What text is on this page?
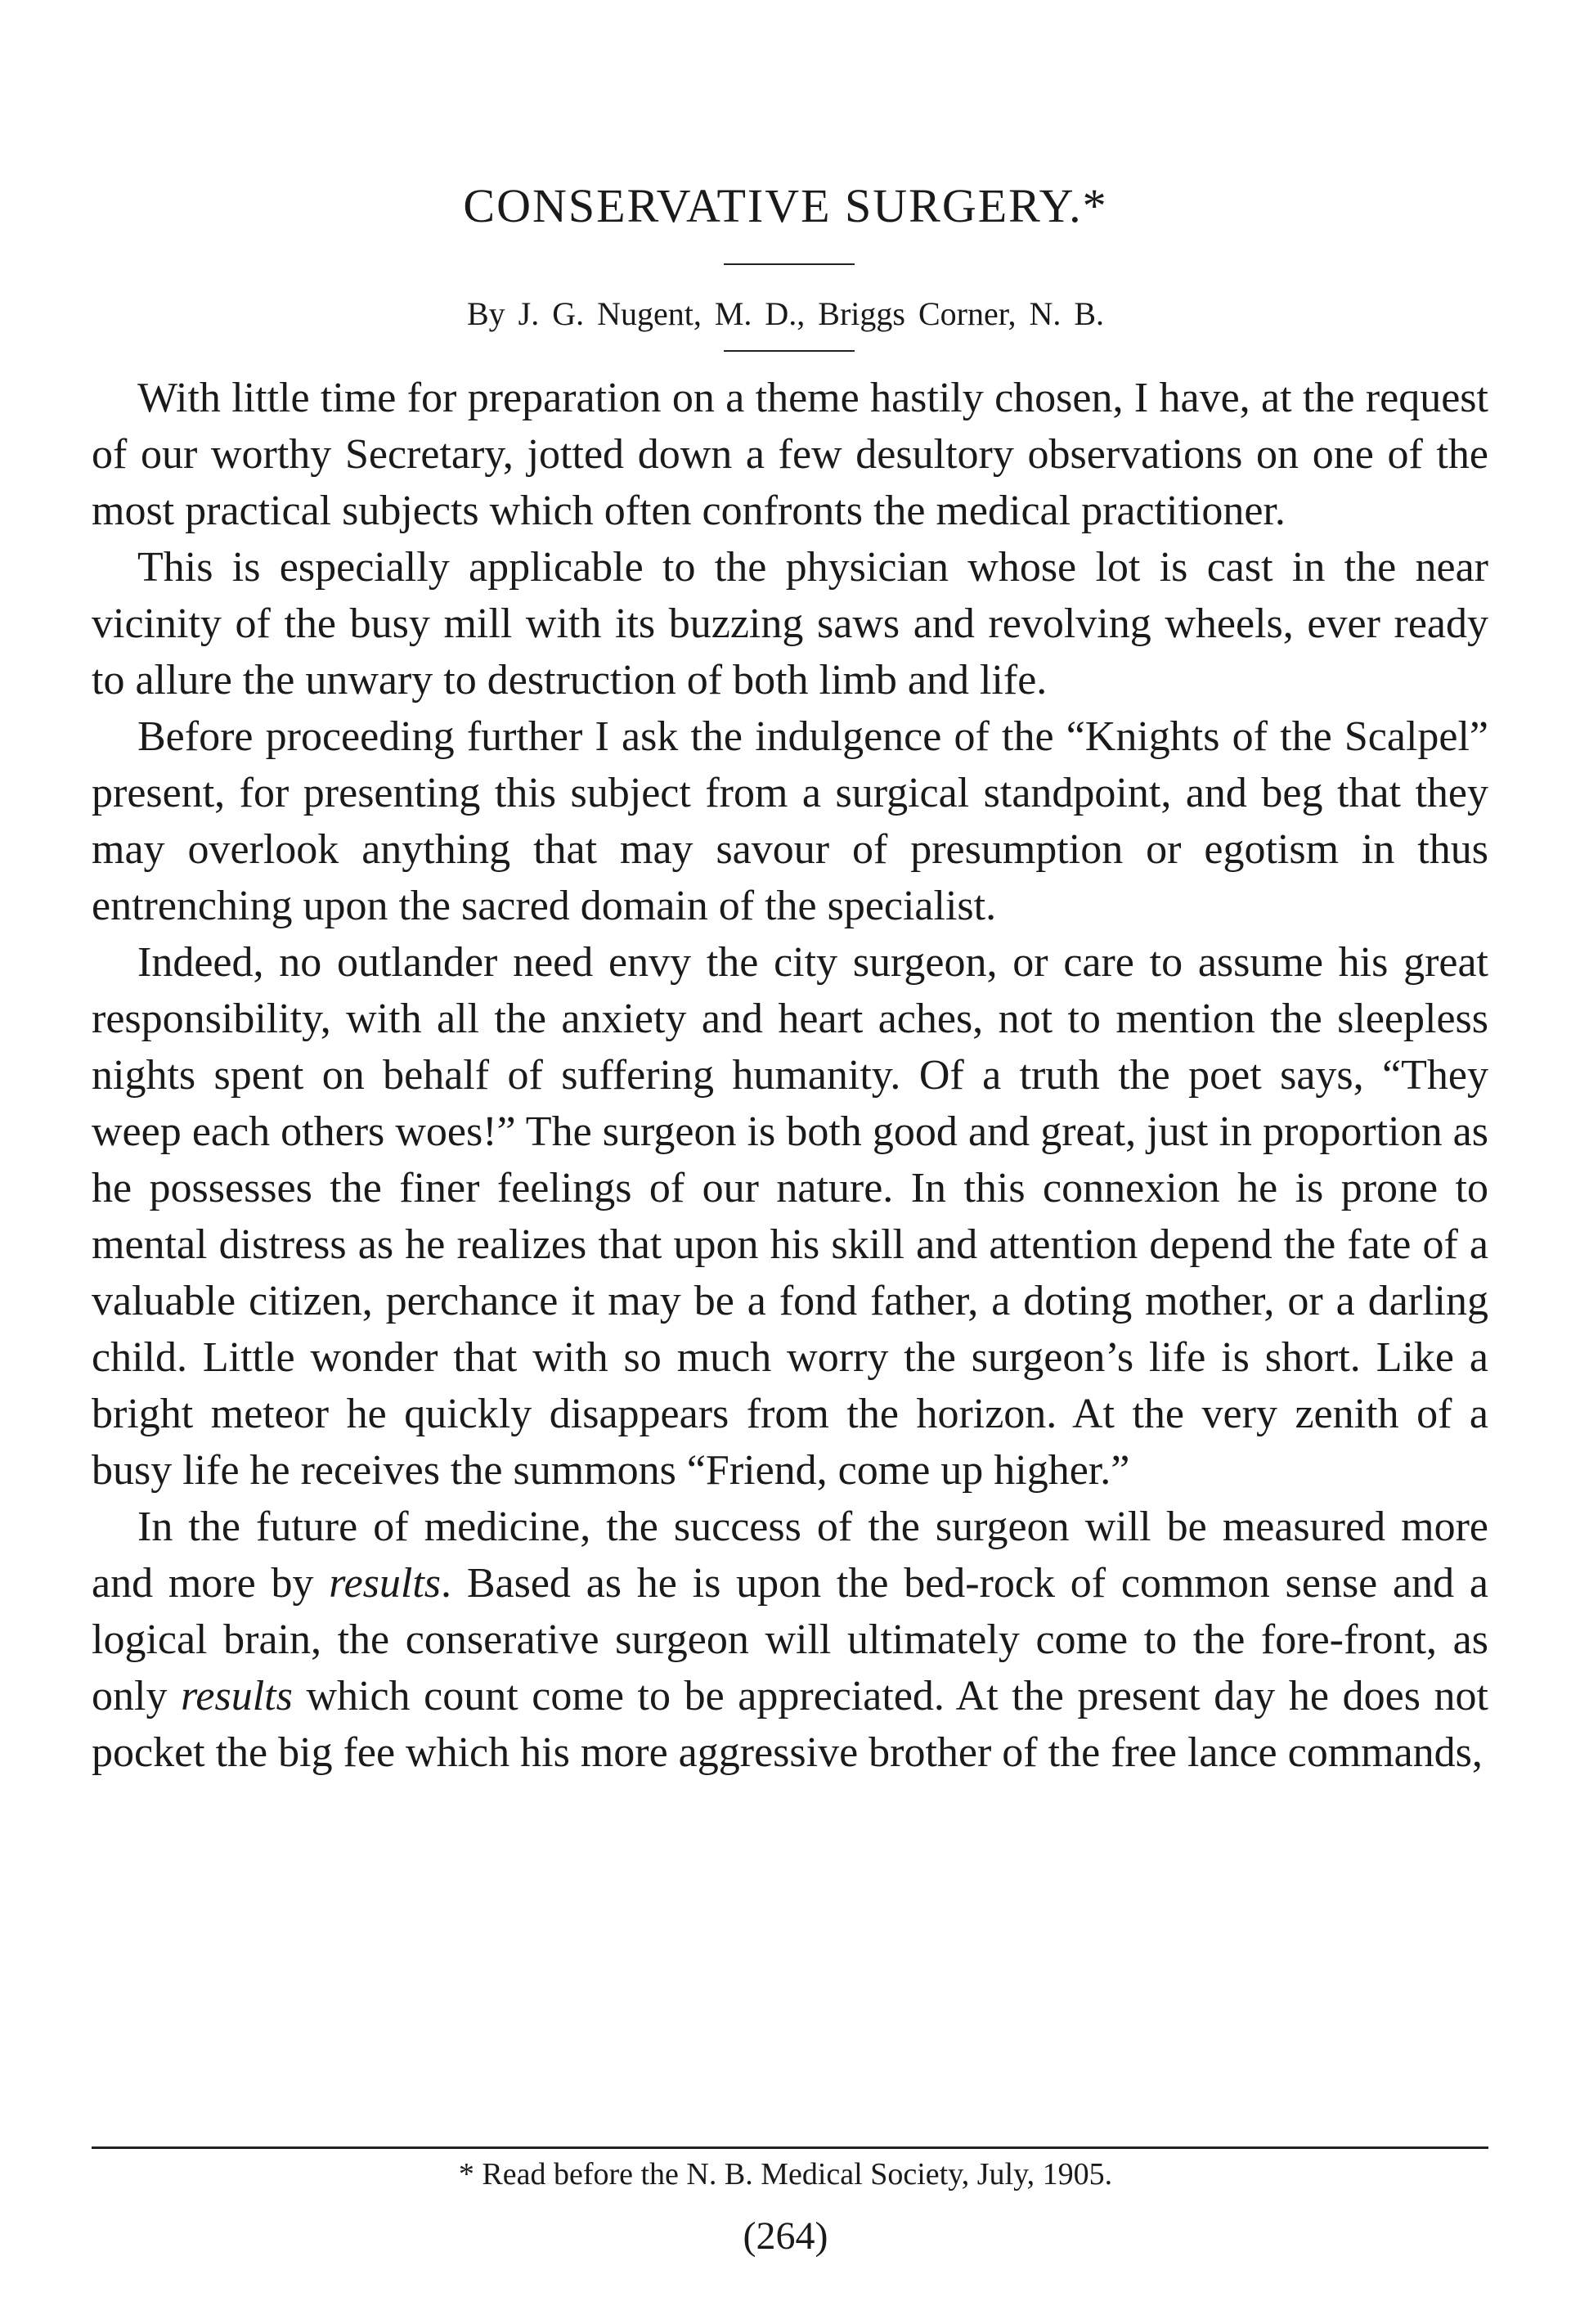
CONSERVATIVE SURGERY.*
By J. G. Nugent, M. D., Briggs Corner, N. B.

With little time for preparation on a theme hastily chosen, I have, at the request of our worthy Secretary, jotted down a few desultory observations on one of the most practical subjects which often confronts the medical practitioner.

This is especially applicable to the physician whose lot is cast in the near vicinity of the busy mill with its buzzing saws and revolving wheels, ever ready to allure the unwary to destruction of both limb and life.

Before proceeding further I ask the indulgence of the “Knights of the Scalpel” present, for presenting this subject from a surgical standpoint, and beg that they may overlook anything that may savour of presumption or egotism in thus entrenching upon the sacred domain of the specialist.

Indeed, no outlander need envy the city surgeon, or care to assume his great responsibility, with all the anxiety and heart aches, not to mention the sleepless nights spent on behalf of suffering humanity. Of a truth the poet says, “They weep each others woes!” The surgeon is both good and great, just in proportion as he possesses the finer feelings of our nature. In this connexion he is prone to mental distress as he realizes that upon his skill and attention depend the fate of a valuable citizen, perchance it may be a fond father, a doting mother, or a darling child. Little wonder that with so much worry the surgeon’s life is short. Like a bright meteor he quickly disappears from the horizon. At the very zenith of a busy life he receives the summons “Friend, come up higher.”

In the future of medicine, the success of the surgeon will be measured more and more by results. Based as he is upon the bed-rock of common sense and a logical brain, the conserative surgeon will ultimately come to the fore-front, as only results which count come to be appreciated. At the present day he does not pocket the big fee which his more aggressive brother of the free lance commands,

* Read before the N. B. Medical Society, July, 1905.
(264)
